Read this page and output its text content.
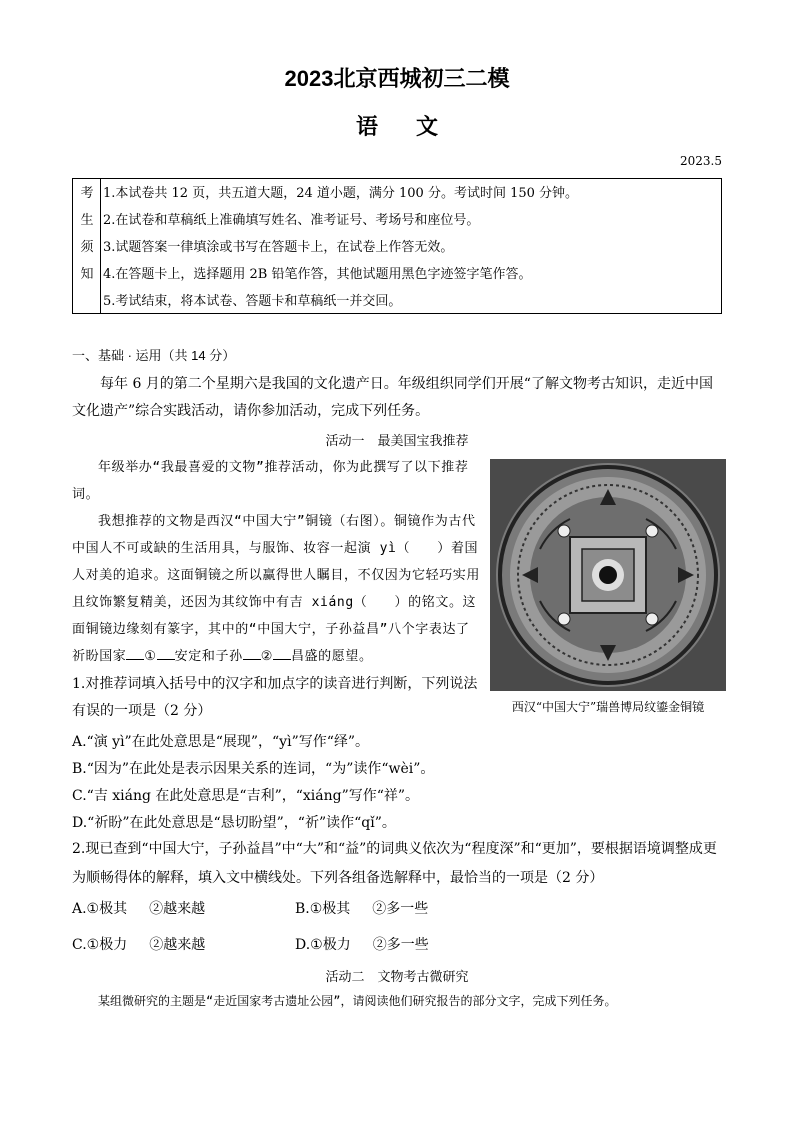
2023北京西城初三二模
语文
2023.5
考
生
须
知
1.本试卷共 12 页，共五道大题，24 道小题，满分 100 分。考试时间 150 分钟。
2.在试卷和草稿纸上准确填写姓名、准考证号、考场号和座位号。
3.试题答案一律填涂或书写在答题卡上，在试卷上作答无效。
4.在答题卡上，选择题用 2B 铅笔作答，其他试题用黑色字迹签字笔作答。
5.考试结束，将本试卷、答题卡和草稿纸一并交回。
一、基础 · 运用（共 14 分）
每年 6 月的第二个星期六是我国的文化遗产日。年级组织同学们开展“了解文物考古知识，走近中国文化遗产”综合实践活动，请你参加活动，完成下列任务。
活动一　最美国宝我推荐

年级举办“我最喜爱的文物”推荐活动，你为此撰写了以下推荐词。

我想推荐的文物是西汉“中国大宁”铜镜（右图）。铜镜作为古代中国人不可或缺的生活用具，与服饰、妆容一起演 yì（　　）着国人对美的追求。这面铜镜之所以赢得世人瞩目，不仅因为它轻巧实用且纹饰繁复精美，还因为其纹饰中有吉 xiáng（　　）的铭文。这面铜镜边缘刻有篆字，其中的“中国大宁，子孙益昌”八个字表达了祈盼国家 ① 安定和子孙 ② 昌盛的愿望。

西汉“中国大宁”瑞兽博局纹鎏金铜镜
1.对推荐词填入括号中的汉字和加点字的读音进行判断，下列说法有误的一项是（2 分）
A.“演 yì”在此处意思是“展现”，“yì”写作“绎”。
B.“因为”在此处是表示因果关系的连词，“为”读作“wèi”。
C.“吉 xiáng 在此处意思是“吉利”，“xiáng”写作“祥”。
D.“祈盼”在此处意思是“恳切盼望”，“祈”读作“qǐ”。
2.现已查到“中国大宁，子孙益昌”中“大”和“益”的词典义依次为“程度深”和“更加”，要根据语境调整成更为顺畅得体的解释，填入文中横线处。下列各组备选解释中，最恰当的一项是（2 分）
A.①极其 ②越来越	B.①极其 ②多一些
C.①极力 ②越来越	D.①极力 ②多一些
活动二　文物考古微研究
某组微研究的主题是“走近国家考古遗址公园”，请阅读他们研究报告的部分文字，完成下列任务。
